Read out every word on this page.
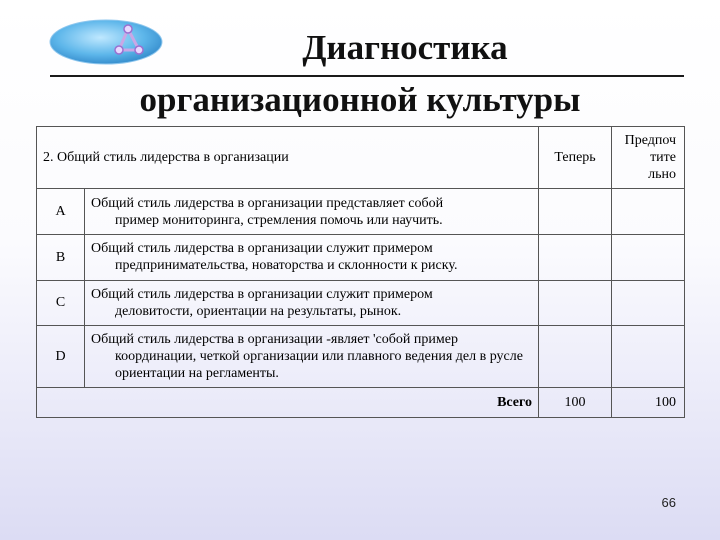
Диагностика
организационной культуры
2. Общий стиль лидерства в организации		Теперь	Предпоч
тите
льно

A	Общий стиль лидерства в организации представляет собой
пример мониторинга, стремления помочь или научить.		

B	Общий стиль лидерства в организации служит примером
предпринимательства, новаторства и склонности к риску.		

C	Общий стиль лидерства в организации служит примером
деловитости, ориентации на результаты, рынок.		

D	Общий стиль лидерства в организации -являет 'собой пример
координации, четкой организации или плавного ведения дел в русле ориентации на регламенты.		

Всего		100	100
66
